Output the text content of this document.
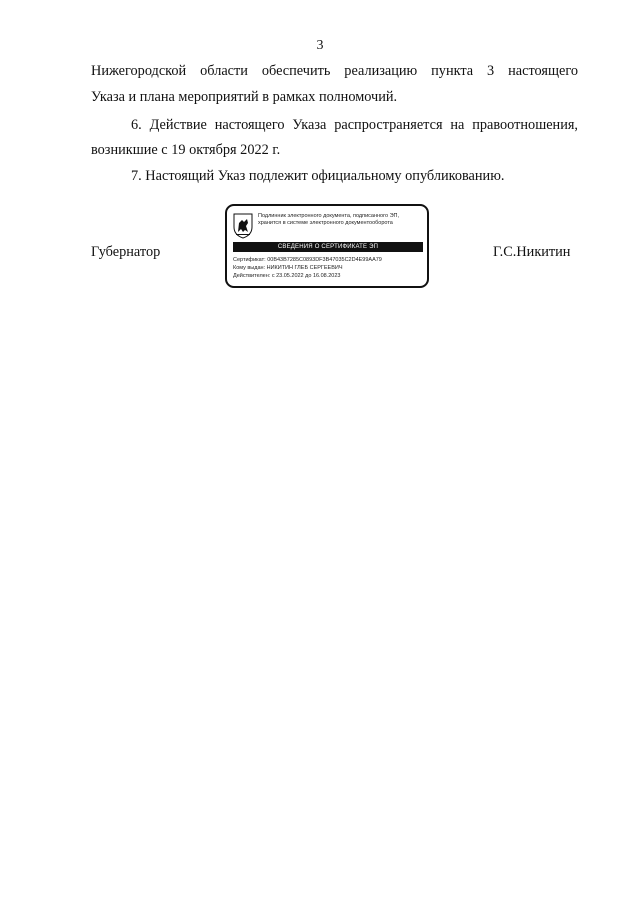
3
Нижегородской области обеспечить реализацию пункта 3 настоящего
Указа и плана мероприятий в рамках полномочий.
6. Действие настоящего Указа распространяется на правоотношения,
возникшие с 19 октября 2022 г.
7. Настоящий Указ подлежит официальному опубликованию.
Губернатор	Г.С.Никитин
Подлинник электронного документа, подписанного ЭП,
хранится в системе электронного документооборота
СВЕДЕНИЯ О СЕРТИФИКАТЕ ЭП
Сертификат: 00B43B7285C0893DF3B47035C2D4E99AA79
Кому выдан: НИКИТИН ГЛЕБ СЕРГЕЕВИЧ
Действителен: с 23.05.2022 до 16.08.2023
